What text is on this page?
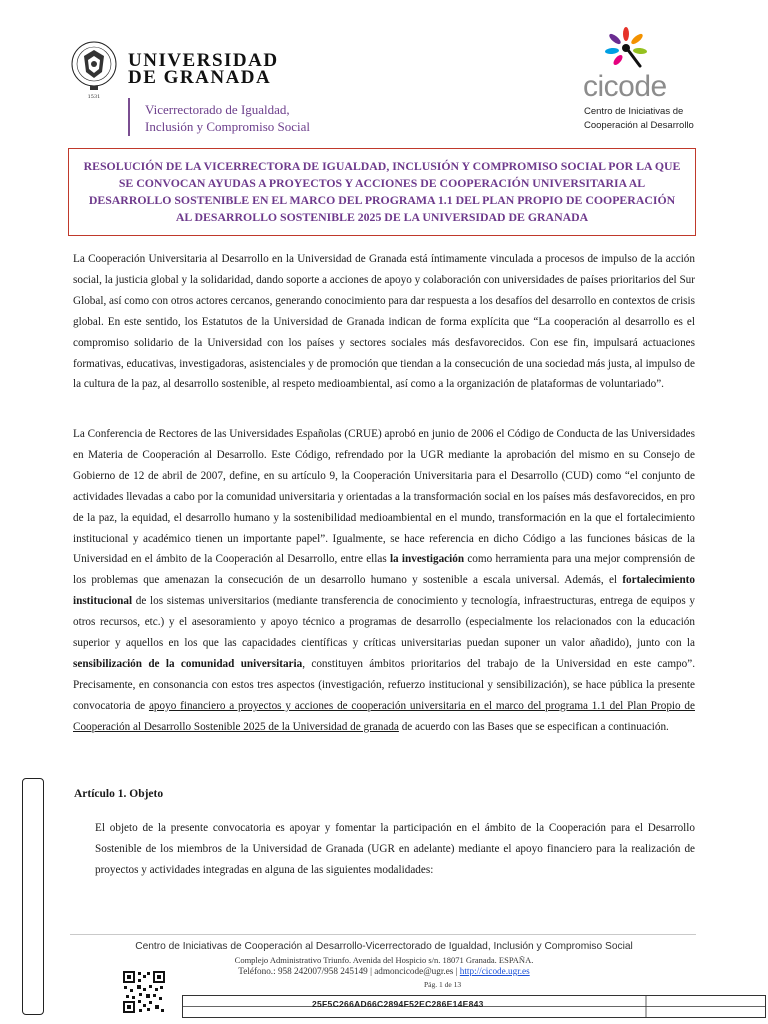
1531
UNIVERSIDAD
DE GRANADA
Vicerrectorado de Igualdad,
Inclusión y Compromiso Social
cicode
Centro de Iniciativas de
Cooperación al Desarrollo
RESOLUCIÓN DE LA VICERRECTORA DE IGUALDAD, INCLUSIÓN Y COMPROMISO SOCIAL POR LA QUE SE CONVOCAN AYUDAS A PROYECTOS Y ACCIONES DE COOPERACIÓN UNIVERSITARIA AL DESARROLLO SOSTENIBLE EN EL MARCO DEL PROGRAMA 1.1 DEL PLAN PROPIO DE COOPERACIÓN AL DESARROLLO SOSTENIBLE 2025 DE LA UNIVERSIDAD DE GRANADA
La Cooperación Universitaria al Desarrollo en la Universidad de Granada está íntimamente vinculada a procesos de impulso de la acción social, la justicia global y la solidaridad, dando soporte a acciones de apoyo y colaboración con universidades de países prioritarios del Sur Global, así como con otros actores cercanos, generando conocimiento para dar respuesta a los desafíos del desarrollo en contextos de crisis global. En este sentido, los Estatutos de la Universidad de Granada indican de forma explícita que “La cooperación al desarrollo es el compromiso solidario de la Universidad con los países y sectores sociales más desfavorecidos. Con ese fin, impulsará actuaciones formativas, educativas, investigadoras, asistenciales y de promoción que tiendan a la consecución de una sociedad más justa, al impulso de la cultura de la paz, al desarrollo sostenible, al respeto medioambiental, así como a la organización de plataformas de voluntariado”.
La Conferencia de Rectores de las Universidades Españolas (CRUE) aprobó en junio de 2006 el Código de Conducta de las Universidades en Materia de Cooperación al Desarrollo. Este Código, refrendado por la UGR mediante la aprobación del mismo en su Consejo de Gobierno de 12 de abril de 2007, define, en su artículo 9, la Cooperación Universitaria para el Desarrollo (CUD) como “el conjunto de actividades llevadas a cabo por la comunidad universitaria y orientadas a la transformación social en los países más desfavorecidos, en pro de la paz, la equidad, el desarrollo humano y la sostenibilidad medioambiental en el mundo, transformación en la que el fortalecimiento institucional y académico tienen un importante papel”. Igualmente, se hace referencia en dicho Código a las funciones básicas de la Universidad en el ámbito de la Cooperación al Desarrollo, entre ellas la investigación como herramienta para una mejor comprensión de los problemas que amenazan la consecución de un desarrollo humano y sostenible a escala universal. Además, el fortalecimiento institucional de los sistemas universitarios (mediante transferencia de conocimiento y tecnología, infraestructuras, entrega de equipos y otros recursos, etc.) y el asesoramiento y apoyo técnico a programas de desarrollo (especialmente los relacionados con la educación superior y aquellos en los que las capacidades científicas y críticas universitarias puedan suponer un valor añadido), junto con la sensibilización de la comunidad universitaria, constituyen ámbitos prioritarios del trabajo de la Universidad en este campo”. Precisamente, en consonancia con estos tres aspectos (investigación, refuerzo institucional y sensibilización), se hace pública la presente convocatoria de apoyo financiero a proyectos y acciones de cooperación universitaria en el marco del programa 1.1 del Plan Propio de Cooperación al Desarrollo Sostenible 2025 de la Universidad de granada de acuerdo con las Bases que se especifican a continuación.
Artículo 1. Objeto
El objeto de la presente convocatoria es apoyar y fomentar la participación en el ámbito de la Cooperación para el Desarrollo Sostenible de los miembros de la Universidad de Granada (UGR en adelante) mediante el apoyo financiero para la realización de proyectos y actividades integradas en alguna de las siguientes modalidades:
Centro de Iniciativas de Cooperación al Desarrollo-Vicerrectorado de Igualdad, Inclusión y Compromiso Social
Complejo Administrativo Triunfo. Avenida del Hospicio s/n. 18071 Granada. ESPAÑA.
Teléfono.: 958 242007/958 245149 | admoncicode@ugr.es | http://cicode.ugr.es
Pág. 1 de 13
25F5C266AD66C2894F52EC286E14E843
